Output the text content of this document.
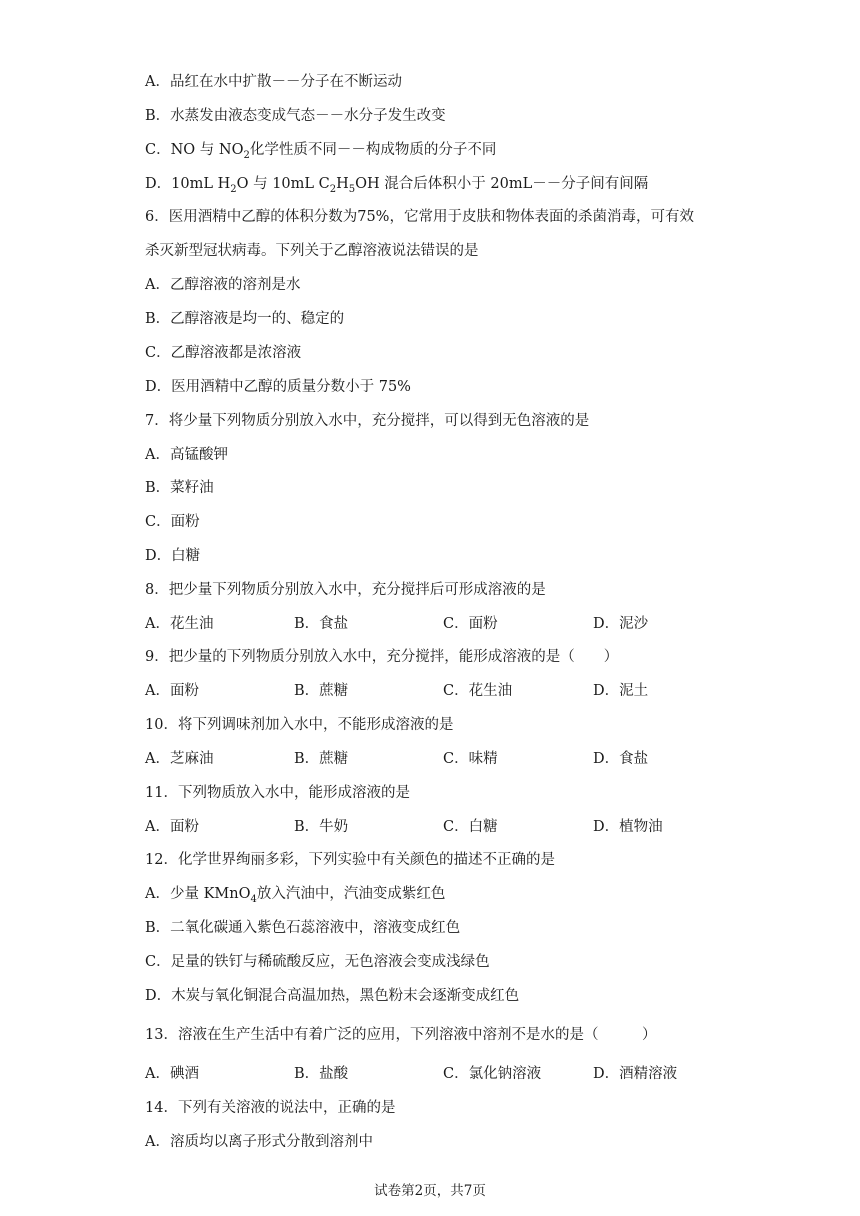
A．品红在水中扩散－－分子在不断运动
B．水蒸发由液态变成气态－－水分子发生改变
C．NO 与 $NO_2$化学性质不同－－构成物质的分子不同
D．10mL $H_2O$ 与 10mL $C_2H_5OH$ 混合后体积小于 20mL－－分子间有间隔
6．医用酒精中乙醇的体积分数为75%，它常用于皮肤和物体表面的杀菌消毒，可有效
杀灭新型冠状病毒。下列关于乙醇溶液说法错误的是
A．乙醇溶液的溶剂是水
B．乙醇溶液是均一的、稳定的
C．乙醇溶液都是浓溶液
D．医用酒精中乙醇的质量分数小于 75%
7．将少量下列物质分别放入水中，充分搅拌，可以得到无色溶液的是
A．高锰酸钾
B．菜籽油
C．面粉
D．白糖
8．把少量下列物质分别放入水中，充分搅拌后可形成溶液的是
A．花生油	B．食盐	C．面粉	D．泥沙
9．把少量的下列物质分别放入水中，充分搅拌，能形成溶液的是（　　）
A．面粉	B．蔗糖	C．花生油	D．泥土
10．将下列调味剂加入水中，不能形成溶液的是
A．芝麻油	B．蔗糖	C．味精	D．食盐
11．下列物质放入水中，能形成溶液的是
A．面粉	B．牛奶	C．白糖	D．植物油
12．化学世界绚丽多彩，下列实验中有关颜色的描述不正确的是
A．少量 KMnO$_4$放入汽油中，汽油变成紫红色
B．二氧化碳通入紫色石蕊溶液中，溶液变成红色
C．足量的铁钉与稀硫酸反应，无色溶液会变成浅绿色
D．木炭与氧化铜混合高温加热，黑色粉末会逐渐变成红色
13．溶液在生产生活中有着广泛的应用，下列溶液中溶剂不是水的是（　　　）
A．碘酒	B．盐酸	C．氯化钠溶液	D．酒精溶液
14．下列有关溶液的说法中，正确的是
A．溶质均以离子形式分散到溶剂中
试卷第2页，共7页
